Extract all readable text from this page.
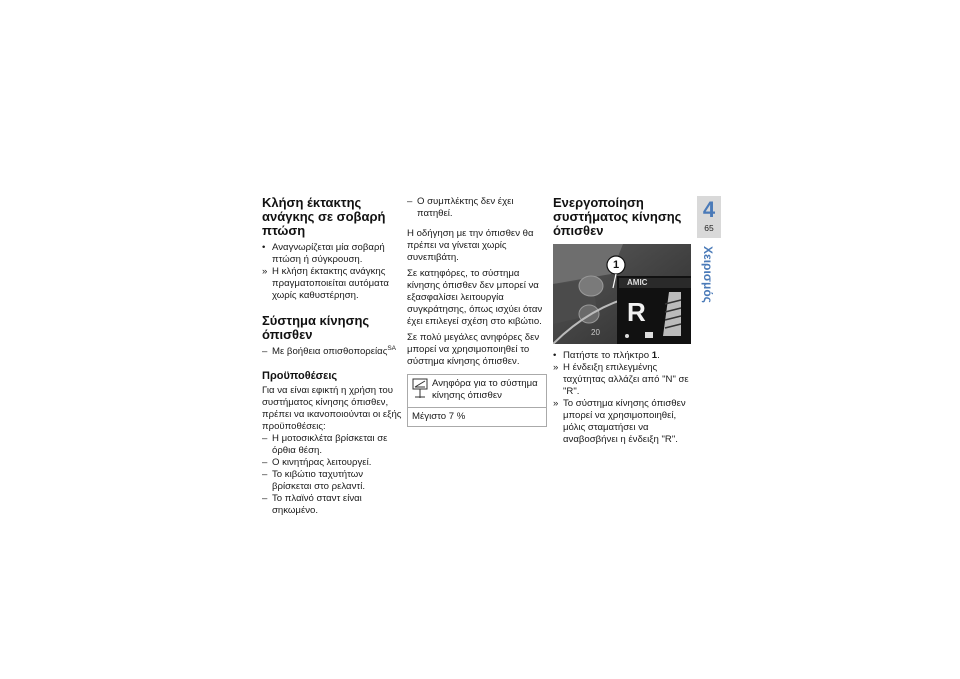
Κλήση έκτακτης ανάγκης σε σοβαρή πτώση
• Αναγνωρίζεται μία σοβαρή πτώση ή σύγκρουση.
» Η κλήση έκτακτης ανάγκης πραγματοποιείται αυτόματα χωρίς καθυστέρηση.
Σύστημα κίνησης όπισθεν
– Με βοήθεια οπισθοπορείας$^{SA}$
Προϋποθέσεις

Για να είναι εφικτή η χρήση του συστήματος κίνησης όπισθεν, πρέπει να ικανοποιούνται οι εξής προϋποθέσεις:

– Η μοτοσικλέτα βρίσκεται σε όρθια θέση.
– Ο κινητήρας λειτουργεί.
– Το κιβώτιο ταχυτήτων βρίσκεται στο ρελαντί.
– Το πλαϊνό σταντ είναι σηκωμένο.
– Ο συμπλέκτης δεν έχει πατηθεί.

Η οδήγηση με την όπισθεν θα πρέπει να γίνεται χωρίς συνεπιβάτη.

Σε κατηφόρες, το σύστημα κίνησης όπισθεν δεν μπορεί να εξασφαλίσει λειτουργία συγκράτησης, όπως ισχύει όταν έχει επιλεγεί σχέση στο κιβώτιο.

Σε πολύ μεγάλες ανηφόρες δεν μπορεί να χρησιμοποιηθεί το σύστημα κίνησης όπισθεν.

Ανηφόρα για το σύστημα κίνησης όπισθεν
Μέγιστο 7 %
Ενεργοποίηση συστήματος κίνησης όπισθεν
1
AMIC
R
20
• Πατήστε το πλήκτρο 1.
» Η ένδειξη επιλεγμένης ταχύτητας αλλάζει από "N" σε "R".
» Το σύστημα κίνησης όπισθεν μπορεί να χρησιμοποιηθεί, μόλις σταματήσει να αναβοσβήνει η ένδειξη "R".
4
65
Χειρισμός
